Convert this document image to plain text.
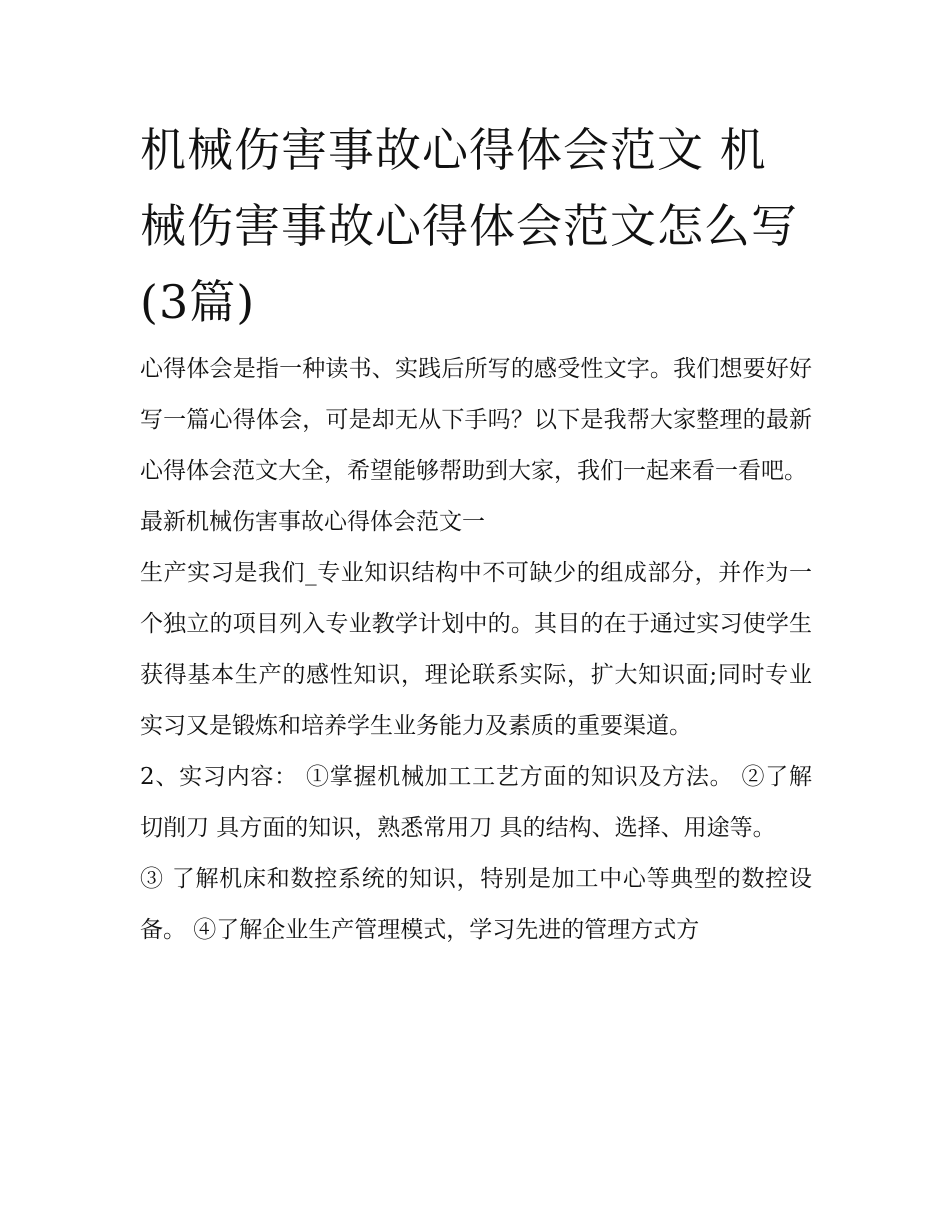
机械伤害事故心得体会范文 机械伤害事故心得体会范文怎么写(3篇)

心得体会是指一种读书、实践后所写的感受性文字。我们想要好好写一篇心得体会，可是却无从下手吗？以下是我帮大家整理的最新心得体会范文大全，希望能够帮助到大家，我们一起来看一看吧。

最新机械伤害事故心得体会范文一

生产实习是我们_专业知识结构中不可缺少的组成部分，并作为一个独立的项目列入专业教学计划中的。其目的在于通过实习使学生获得基本生产的感性知识，理论联系实际，扩大知识面;同时专业实习又是锻炼和培养学生业务能力及素质的重要渠道。

2、实习内容： ①掌握机械加工工艺方面的知识及方法。 ②了解切削刀 具方面的知识，熟悉常用刀 具的结构、选择、用途等。

③ 了解机床和数控系统的知识，特别是加工中心等典型的数控设备。 ④了解企业生产管理模式，学习先进的管理方式方
